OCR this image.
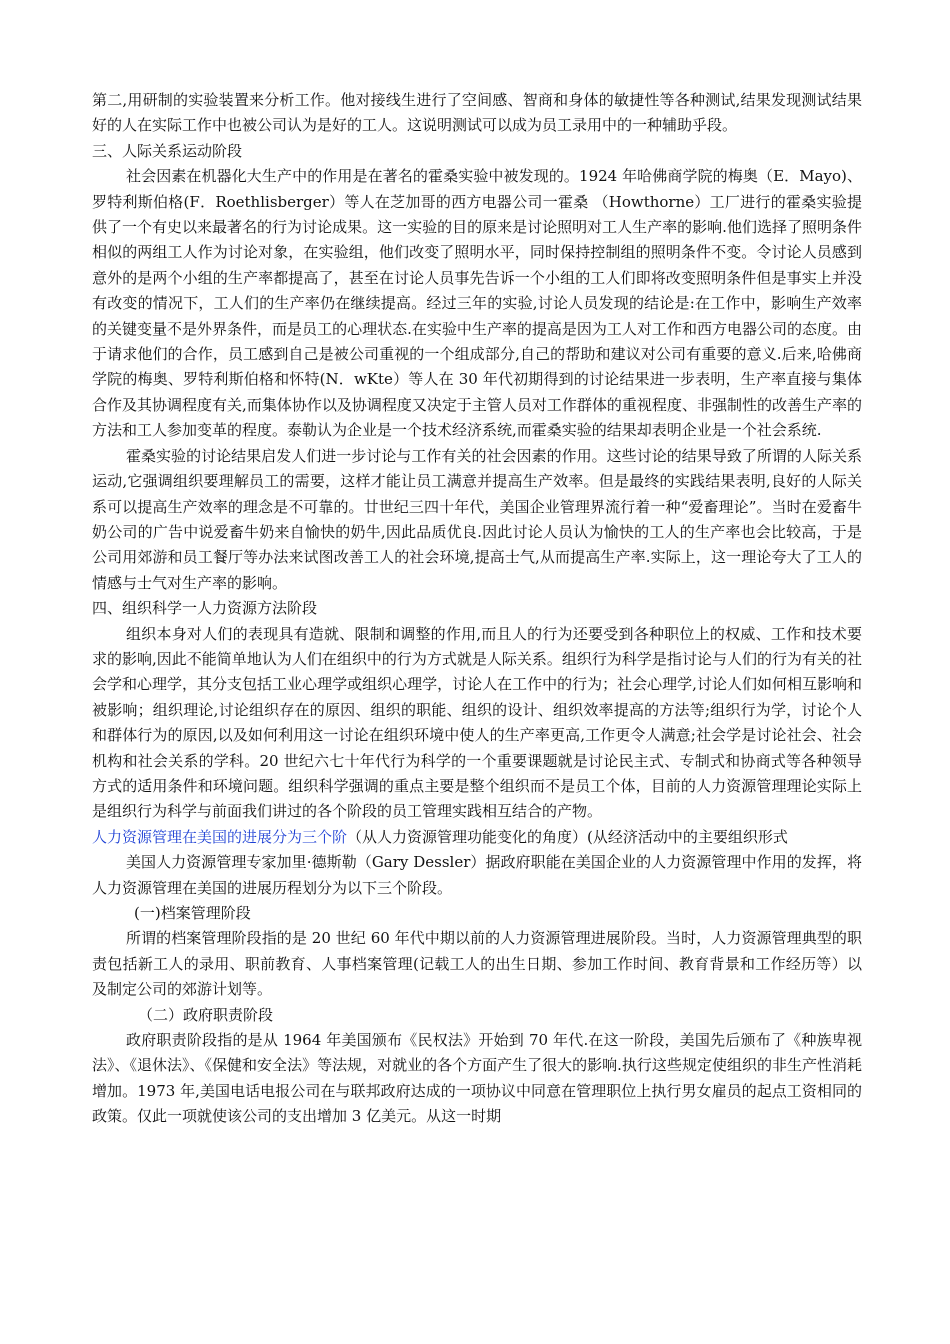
第二,用研制的实验装置来分析工作。他对接线生进行了空间感、智商和身体的敏捷性等各种测试,结果发现测试结果好的人在实际工作中也被公司认为是好的工人。这说明测试可以成为员工录用中的一种辅助乎段。

三、人际关系运动阶段

社会因素在机器化大生产中的作用是在著名的霍桑实验中被发现的。1924 年哈佛商学院的梅奥（E．Mayo)、罗特利斯伯格(F．Roethlisberger）等人在芝加哥的西方电器公司一霍桑 （Howthorne）工厂进行的霍桑实验提供了一个有史以来最著名的行为讨论成果。这一实验的目的原来是讨论照明对工人生产率的影响.他们选择了照明条件相似的两组工人作为讨论对象，在实验组，他们改变了照明水平，同时保持控制组的照明条件不变。令讨论人员感到意外的是两个小组的生产率都提高了，甚至在讨论人员事先告诉一个小组的工人们即将改变照明条件但是事实上并没有改变的情况下，工人们的生产率仍在继续提高。经过三年的实验,讨论人员发现的结论是:在工作中，影响生产效率的关键变量不是外界条件，而是员工的心理状态.在实验中生产率的提高是因为工人对工作和西方电器公司的态度。由于请求他们的合作，员工感到自己是被公司重视的一个组成部分,自己的帮助和建议对公司有重要的意义.后来,哈佛商学院的梅奥、罗特利斯伯格和怀特(N．wKte）等人在 30 年代初期得到的讨论结果进一步表明，生产率直接与集体合作及其协调程度有关,而集体协作以及协调程度又决定于主管人员对工作群体的重视程度、非强制性的改善生产率的方法和工人参加变革的程度。泰勒认为企业是一个技术经济系统,而霍桑实验的结果却表明企业是一个社会系统.

霍桑实验的讨论结果启发人们进一步讨论与工作有关的社会因素的作用。这些讨论的结果导致了所谓的人际关系运动,它强调组织要理解员工的需要，这样才能让员工满意并提高生产效率。但是最终的实践结果表明,良好的人际关系可以提高生产效率的理念是不可靠的。廿世纪三四十年代，美国企业管理界流行着一种“爱畜理论”。当时在爱畜牛奶公司的广告中说爱畜牛奶来自愉快的奶牛,因此品质优良.因此讨论人员认为愉快的工人的生产率也会比较高，于是公司用郊游和员工餐厅等办法来试图改善工人的社会环境,提高士气,从而提高生产率.实际上，这一理论夸大了工人的情感与士气对生产率的影响。

四、组织科学一人力资源方法阶段

组织本身对人们的表现具有造就、限制和调整的作用,而且人的行为还要受到各种职位上的权威、工作和技术要求的影响,因此不能简单地认为人们在组织中的行为方式就是人际关系。组织行为科学是指讨论与人们的行为有关的社会学和心理学，其分支包括工业心理学或组织心理学，讨论人在工作中的行为；社会心理学,讨论人们如何相互影响和被影响；组织理论,讨论组织存在的原因、组织的职能、组织的设计、组织效率提高的方法等;组织行为学，讨论个人和群体行为的原因,以及如何利用这一讨论在组织环境中使人的生产率更高,工作更令人满意;社会学是讨论社会、社会机构和社会关系的学科。20 世纪六七十年代行为科学的一个重要课题就是讨论民主式、专制式和协商式等各种领导方式的适用条件和环境问题。组织科学强调的重点主要是整个组织而不是员工个体，目前的人力资源管理理论实际上是组织行为科学与前面我们讲过的各个阶段的员工管理实践相互结合的产物。

人力资源管理在美国的进展分为三个阶（从人力资源管理功能变化的角度）(从经济活动中的主要组织形式

美国人力资源管理专家加里·德斯勒（Gary Dessler）据政府职能在美国企业的人力资源管理中作用的发挥，将人力资源管理在美国的进展历程划分为以下三个阶段。

(一)档案管理阶段

所谓的档案管理阶段指的是 20 世纪 60 年代中期以前的人力资源管理进展阶段。当时，人力资源管理典型的职责包括新工人的录用、职前教育、人事档案管理(记载工人的出生日期、参加工作时间、教育背景和工作经历等）以及制定公司的郊游计划等。

（二）政府职责阶段

政府职责阶段指的是从 1964 年美国颁布《民权法》开始到 70 年代.在这一阶段，美国先后颁布了《种族卑视法》、《退休法》、《保健和安全法》等法规，对就业的各个方面产生了很大的影响.执行这些规定使组织的非生产性消耗增加。1973 年,美国电话电报公司在与联邦政府达成的一项协议中同意在管理职位上执行男女雇员的起点工资相同的政策。仅此一项就使该公司的支出增加 3 亿美元。从这一时期
